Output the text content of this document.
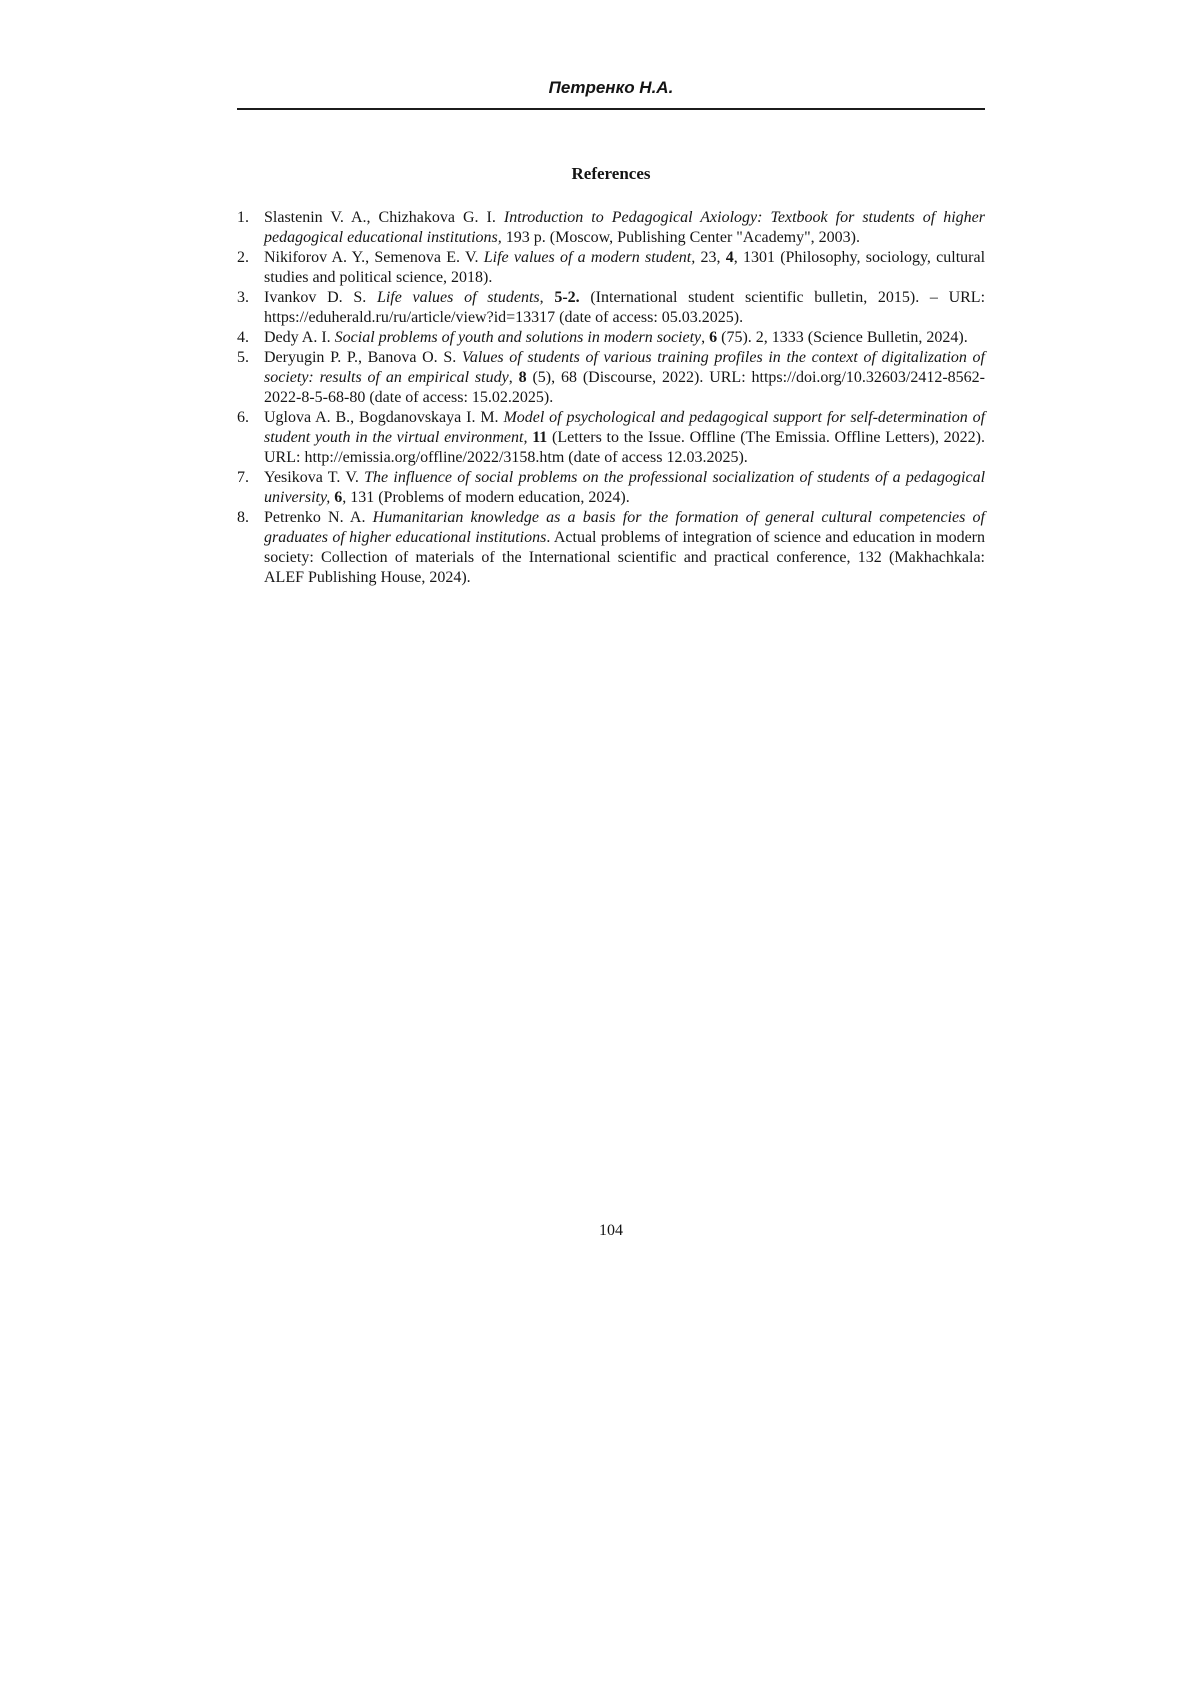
Петренко Н.А.
References
1. Slastenin V. A., Chizhakova G. I. Introduction to Pedagogical Axiology: Textbook for students of higher pedagogical educational institutions, 193 p. (Moscow, Publishing Center "Academy", 2003).
2. Nikiforov A. Y., Semenova E. V. Life values of a modern student, 23, 4, 1301 (Philosophy, sociology, cultural studies and political science, 2018).
3. Ivankov D. S. Life values of students, 5-2. (International student scientific bulletin, 2015). – URL: https://eduherald.ru/ru/article/view?id=13317 (date of access: 05.03.2025).
4. Dedy A. I. Social problems of youth and solutions in modern society, 6 (75). 2, 1333 (Science Bulletin, 2024).
5. Deryugin P. P., Banova O. S. Values of students of various training profiles in the context of digitalization of society: results of an empirical study, 8 (5), 68 (Discourse, 2022). URL: https://doi.org/10.32603/2412-8562-2022-8-5-68-80 (date of access: 15.02.2025).
6. Uglova A. B., Bogdanovskaya I. M. Model of psychological and pedagogical support for self-determination of student youth in the virtual environment, 11 (Letters to the Issue. Offline (The Emissia. Offline Letters), 2022). URL: http://emissia.org/offline/2022/3158.htm (date of access 12.03.2025).
7. Yesikova T. V. The influence of social problems on the professional socialization of students of a pedagogical university, 6, 131 (Problems of modern education, 2024).
8. Petrenko N. A. Humanitarian knowledge as a basis for the formation of general cultural competencies of graduates of higher educational institutions. Actual problems of integration of science and education in modern society: Collection of materials of the International scientific and practical conference, 132 (Makhachkala: ALEF Publishing House, 2024).
104
